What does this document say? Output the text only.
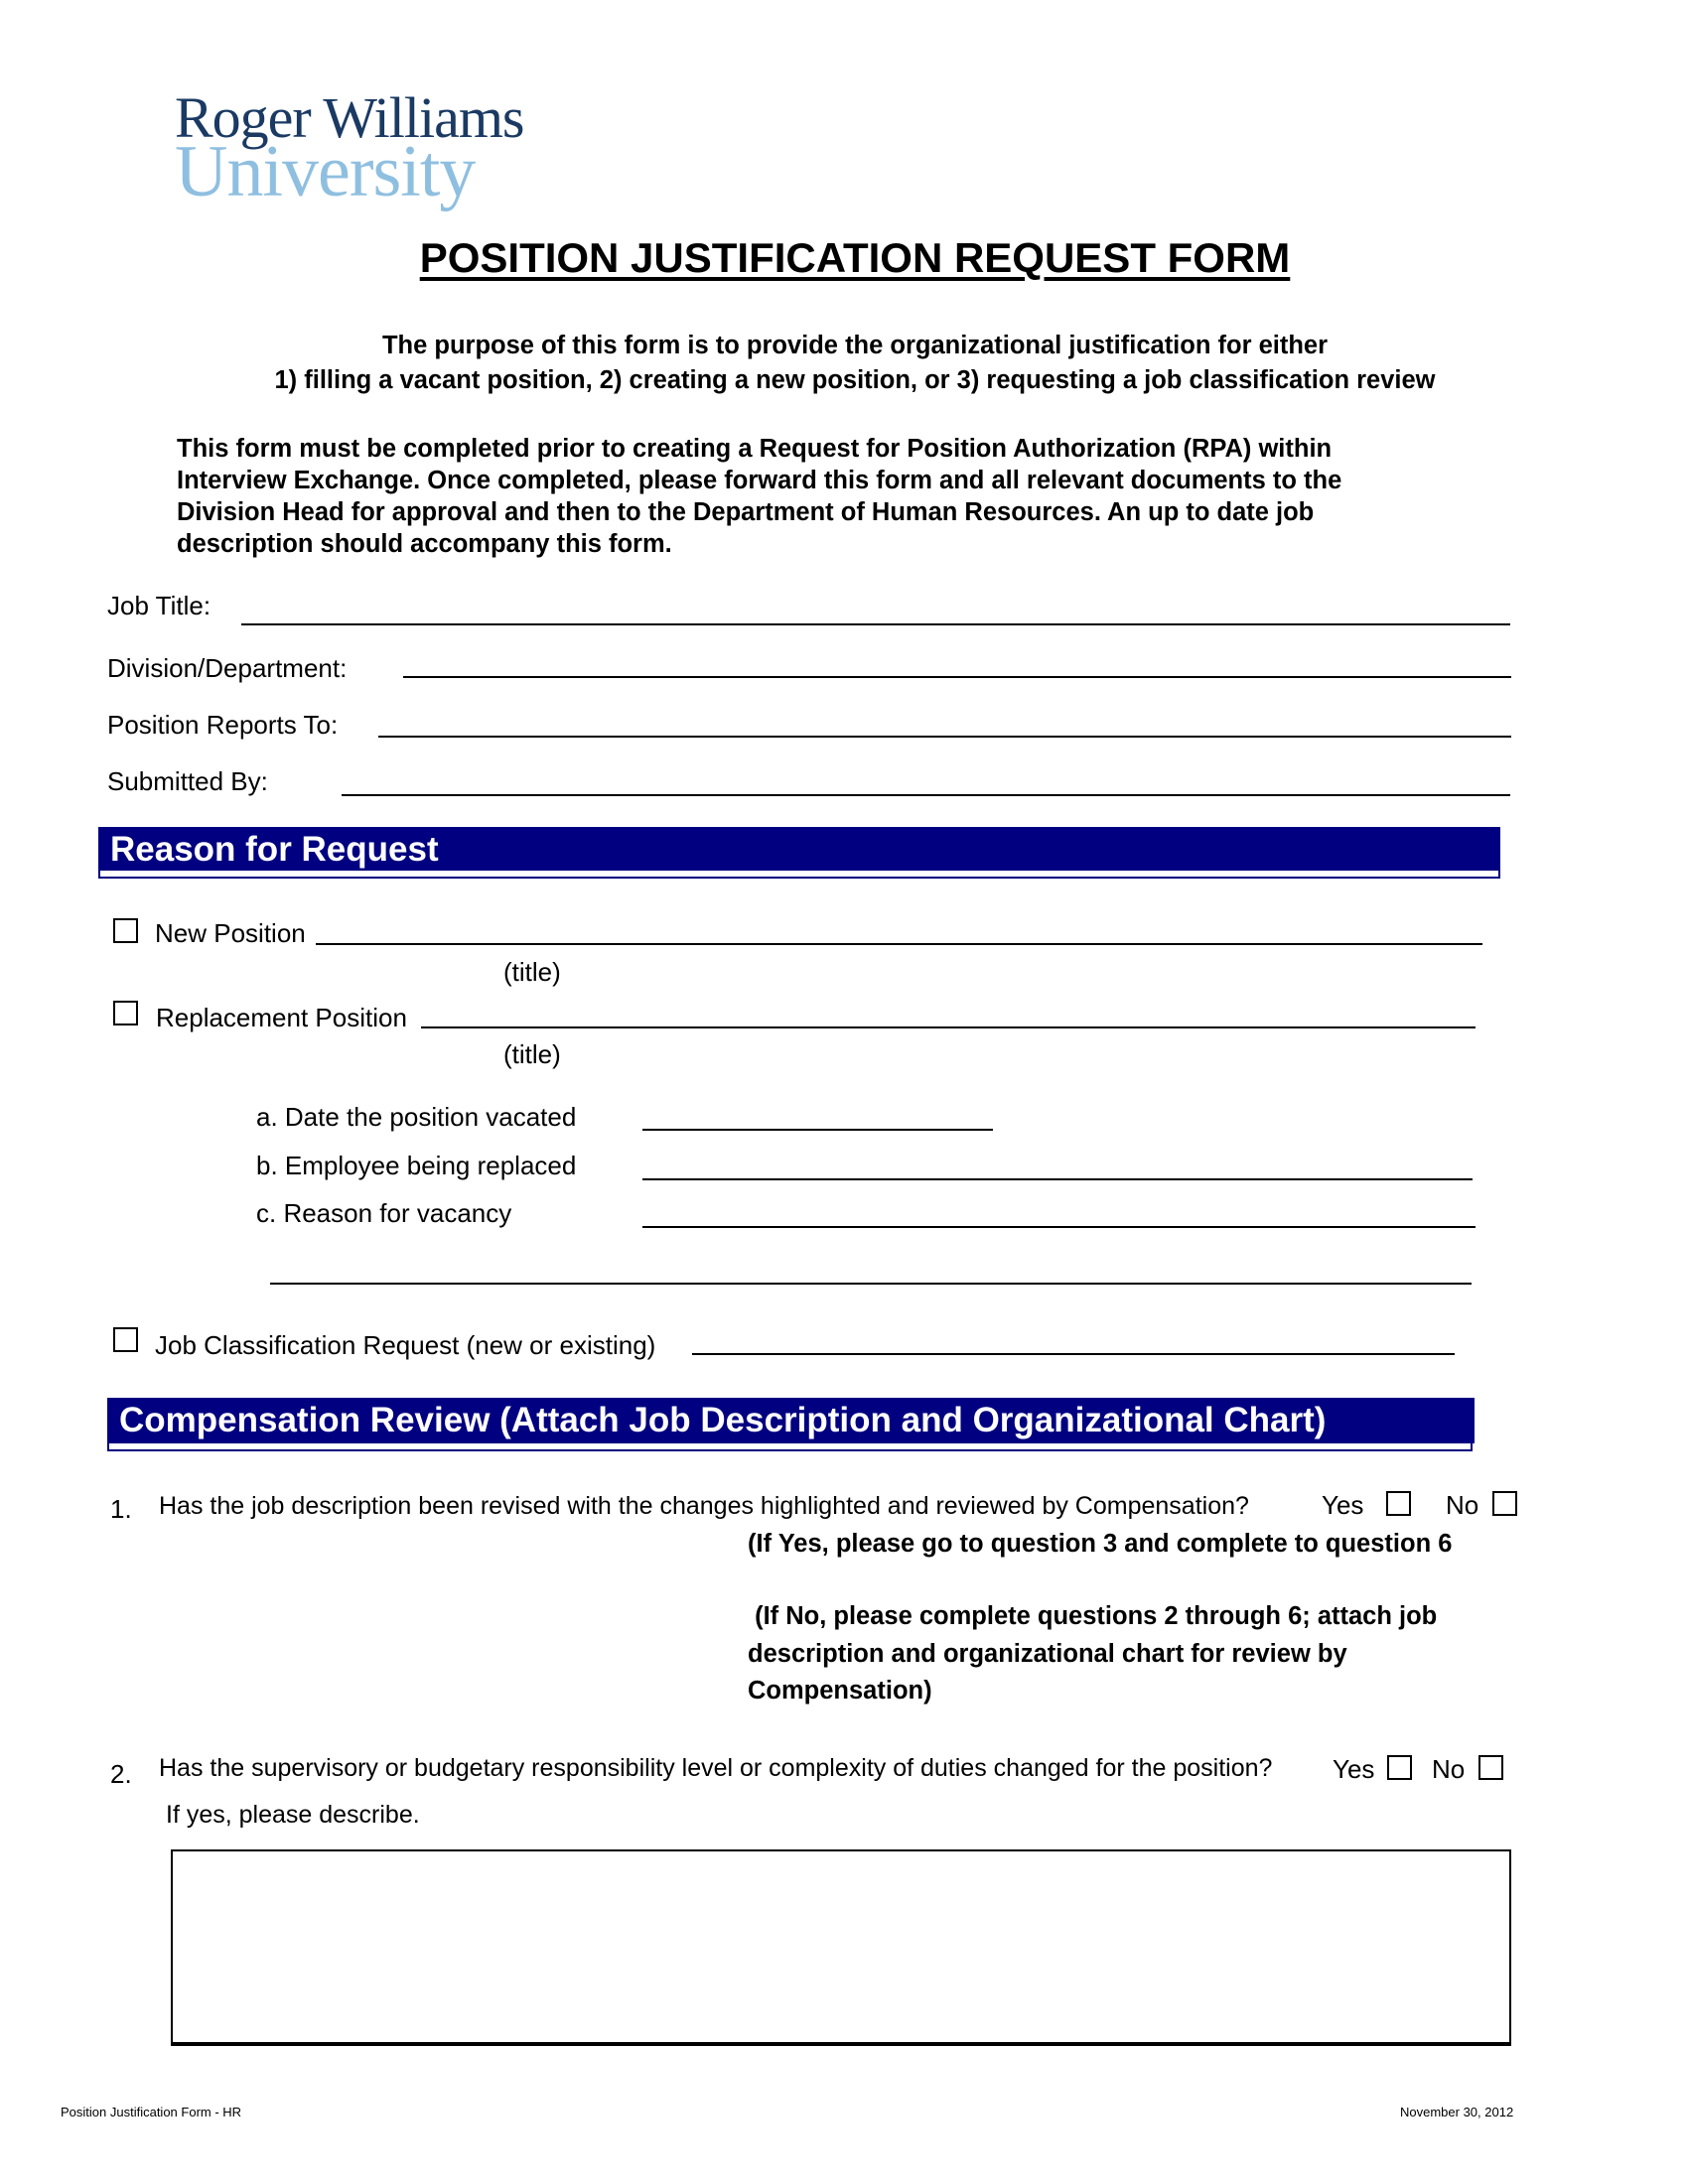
Roger Williams
University
POSITION JUSTIFICATION REQUEST FORM
The purpose of this form is to provide the organizational justification for either
1) filling a vacant position, 2) creating a new position, or 3) requesting a job classification review
This form must be completed prior to creating a Request for Position Authorization (RPA) within
Interview Exchange. Once completed, please forward this form and all relevant documents to the
Division Head for approval and then to the Department of Human Resources. An up to date job
description should accompany this form.
Job Title:
Division/Department:
Position Reports To:
Submitted By:
Reason for Request
New Position
(title)
Replacement Position
(title)
a. Date the position vacated
b. Employee being replaced
c. Reason for vacancy
Job Classification Request (new or existing)
Compensation Review (Attach Job Description and Organizational Chart)
1. Has the job description been revised with the changes highlighted and reviewed by Compensation?	Yes	No
(If Yes, please go to question 3 and complete to question 6
(If No, please complete questions 2 through 6; attach job
description and organizational chart for review by
Compensation)
2. Has the supervisory or budgetary responsibility level or complexity of duties changed for the position? Yes No
If yes, please describe.
Position Justification Form - HR	November 30, 2012
